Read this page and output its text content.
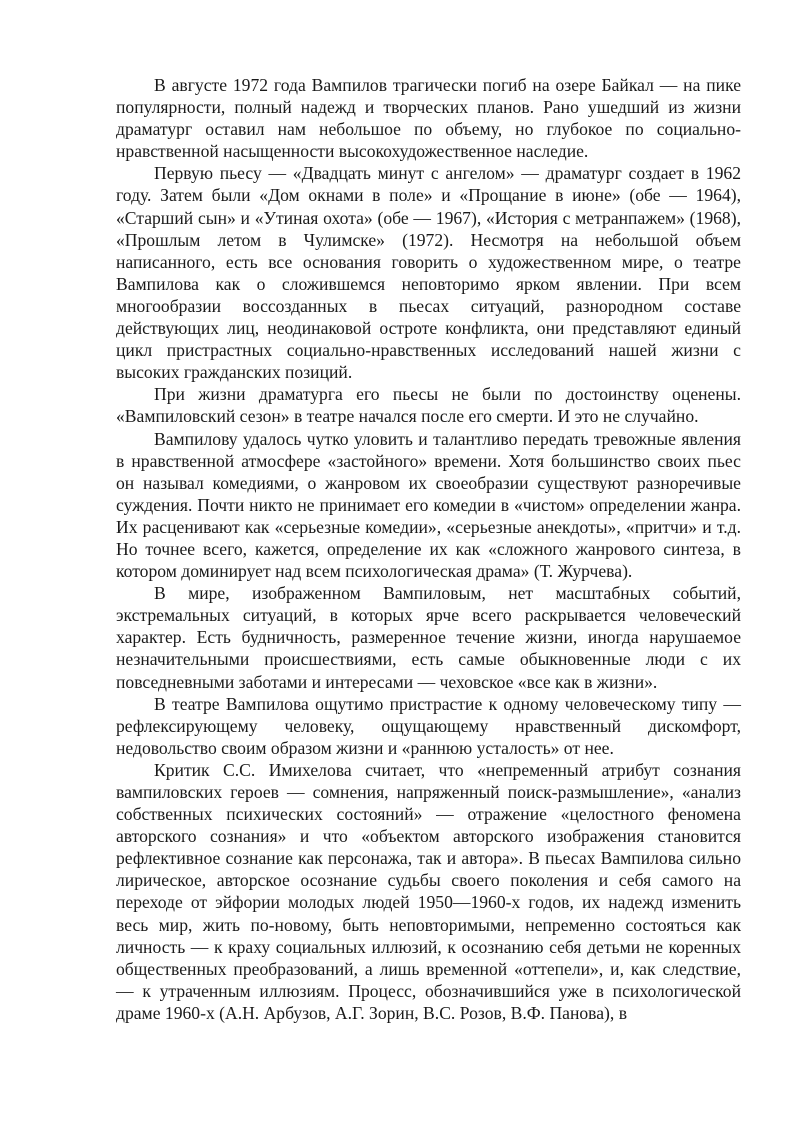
В августе 1972 года Вампилов трагически погиб на озере Байкал — на пике популярности, полный надежд и творческих планов. Рано ушедший из жизни драматург оставил нам небольшое по объему, но глубокое по социально-нравственной насыщенности высокохудожественное наследие.

Первую пьесу — «Двадцать минут с ангелом» — драматург создает в 1962 году. Затем были «Дом окнами в поле» и «Прощание в июне» (обе — 1964), «Старший сын» и «Утиная охота» (обе — 1967), «История с метранпажем» (1968), «Прошлым летом в Чулимске» (1972). Несмотря на небольшой объем написанного, есть все основания говорить о художественном мире, о театре Вампилова как о сложившемся неповторимо ярком явлении. При всем многообразии воссозданных в пьесах ситуаций, разнородном составе действующих лиц, неодинаковой остроте конфликта, они представляют единый цикл пристрастных социально-нравственных исследований нашей жизни с высоких гражданских позиций.

При жизни драматурга его пьесы не были по достоинству оценены. «Вампиловский сезон» в театре начался после его смерти. И это не случайно.

Вампилову удалось чутко уловить и талантливо передать тревожные явления в нравственной атмосфере «застойного» времени. Хотя большинство своих пьес он называл комедиями, о жанровом их своеобразии существуют разноречивые суждения. Почти никто не принимает его комедии в «чистом» определении жанра. Их расценивают как «серьезные комедии», «серьезные анекдоты», «притчи» и т.д. Но точнее всего, кажется, определение их как «сложного жанрового синтеза, в котором доминирует над всем психологическая драма» (Т. Журчева).

В мире, изображенном Вампиловым, нет масштабных событий, экстремальных ситуаций, в которых ярче всего раскрывается человеческий характер. Есть будничность, размеренное течение жизни, иногда нарушаемое незначительными происшествиями, есть самые обыкновенные люди с их повседневными заботами и интересами — чеховское «все как в жизни».

В театре Вампилова ощутимо пристрастие к одному человеческому типу — рефлексирующему человеку, ощущающему нравственный дискомфорт, недовольство своим образом жизни и «раннюю усталость» от нее.

Критик С.С. Имихелова считает, что «непременный атрибут сознания вампиловских героев — сомнения, напряженный поиск-размышление», «анализ собственных психических состояний» — отражение «целостного феномена авторского сознания» и что «объектом авторского изображения становится рефлективное сознание как персонажа, так и автора». В пьесах Вампилова сильно лирическое, авторское осознание судьбы своего поколения и себя самого на переходе от эйфории молодых людей 1950—1960-х годов, их надежд изменить весь мир, жить по-новому, быть неповторимыми, непременно состояться как личность — к краху социальных иллюзий, к осознанию себя детьми не коренных общественных преобразований, а лишь временной «оттепели», и, как следствие, — к утраченным иллюзиям. Процесс, обозначившийся уже в психологической драме 1960-х (А.Н. Арбузов, А.Г. Зорин, В.С. Розов, В.Ф. Панова), в
